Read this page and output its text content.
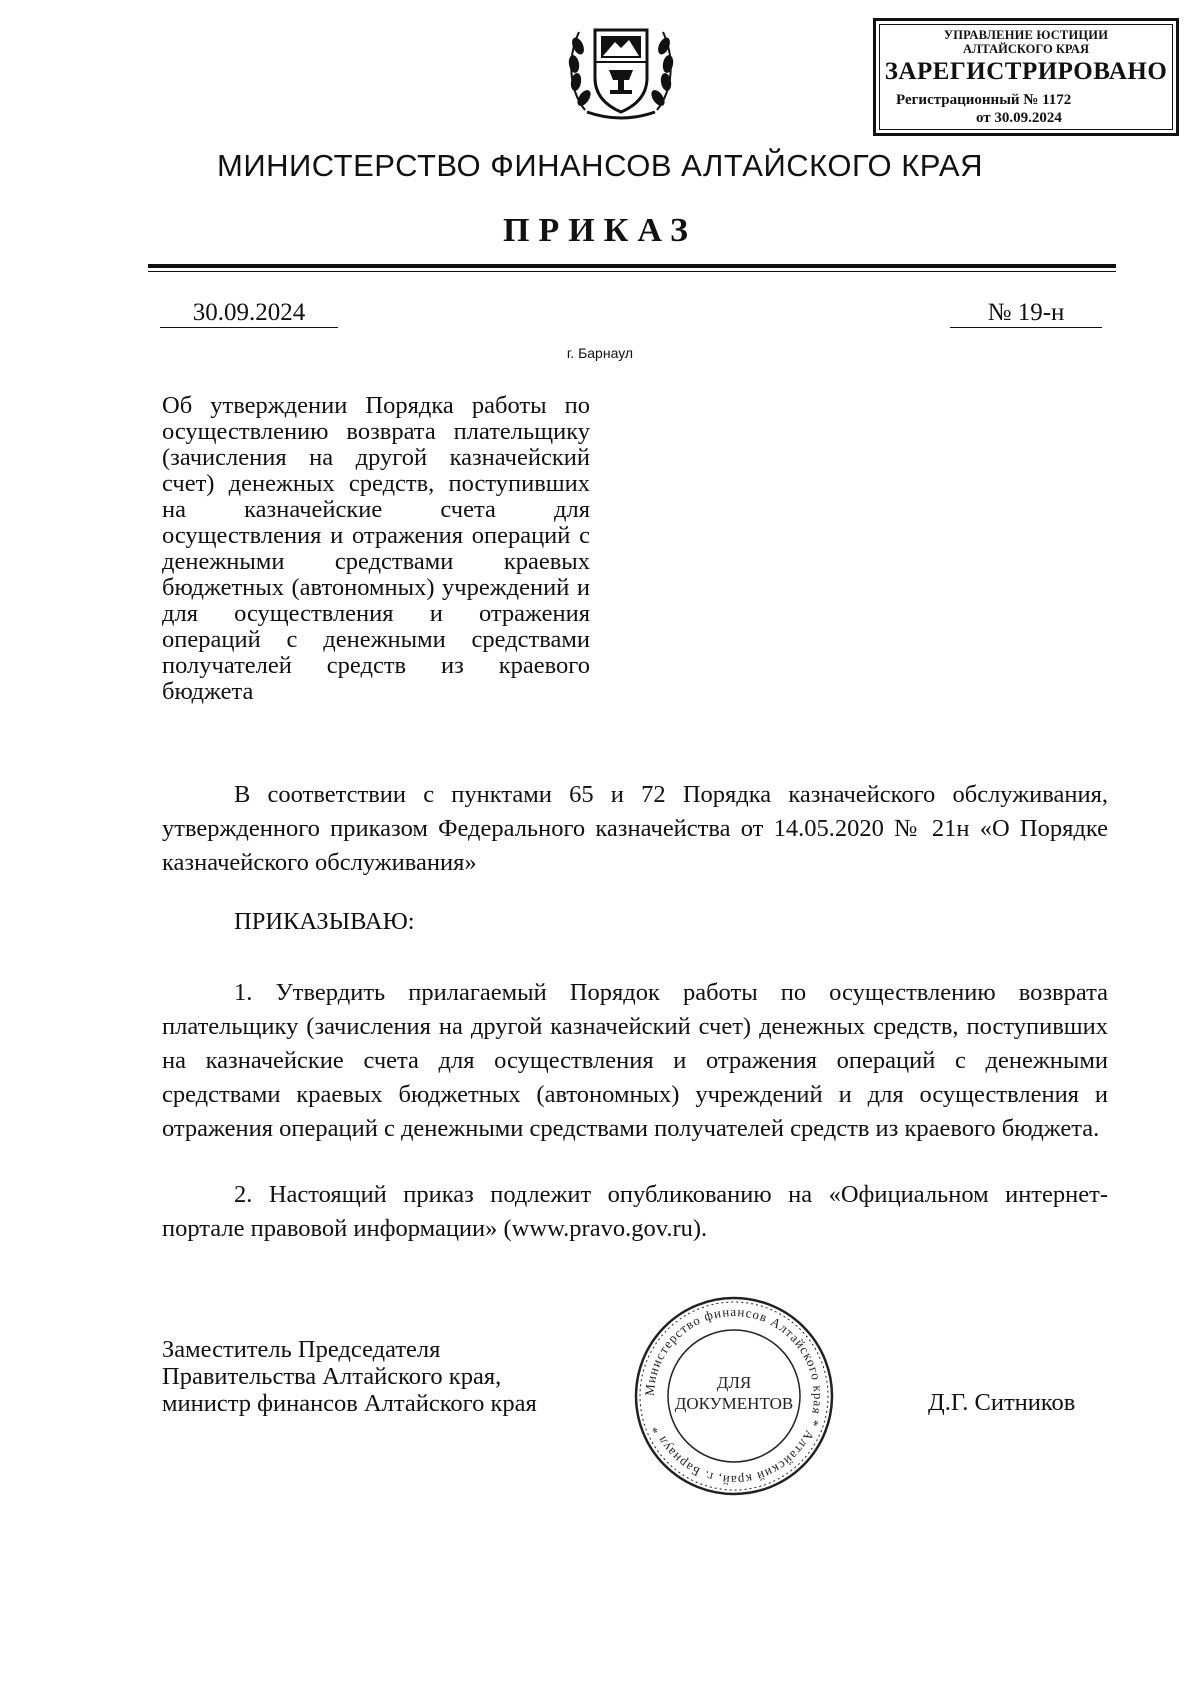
УПРАВЛЕНИЕ ЮСТИЦИИ
АЛТАЙСКОГО КРАЯ
ЗАРЕГИСТРИРОВАНО
Регистрационный № 1172
от 30.09.2024
МИНИСТЕРСТВО ФИНАНСОВ АЛТАЙСКОГО КРАЯ
ПРИКАЗ
30.09.2024	№ 19-н
г. Барнаул
Об утверждении Порядка работы по осуществлению возврата плательщику (зачисления на другой казначейский счет) денежных средств, поступивших на казначейские счета для осуществления и отражения операций с денежными средствами краевых бюджетных (автономных) учреждений и для осуществления и отражения операций с денежными средствами получателей средств из краевого бюджета
В соответствии с пунктами 65 и 72 Порядка казначейского обслуживания, утвержденного приказом Федерального казначейства от 14.05.2020 № 21н «О Порядке казначейского обслуживания»
ПРИКАЗЫВАЮ:
1. Утвердить прилагаемый Порядок работы по осуществлению возврата плательщику (зачисления на другой казначейский счет) денежных средств, поступивших на казначейские счета для осуществления и отражения операций с денежными средствами краевых бюджетных (автономных) учреждений и для осуществления и отражения операций с денежными средствами получателей средств из краевого бюджета.
2. Настоящий приказ подлежит опубликованию на «Официальном интернет-портале правовой информации» (www.pravo.gov.ru).
Заместитель Председателя
Правительства Алтайского края,
министр финансов Алтайского края
Министерство финансов Алтайского края * Алтайский край, г. Барнаул *
ДЛЯ
ДОКУМЕНТОВ	Д.Г. Ситников
